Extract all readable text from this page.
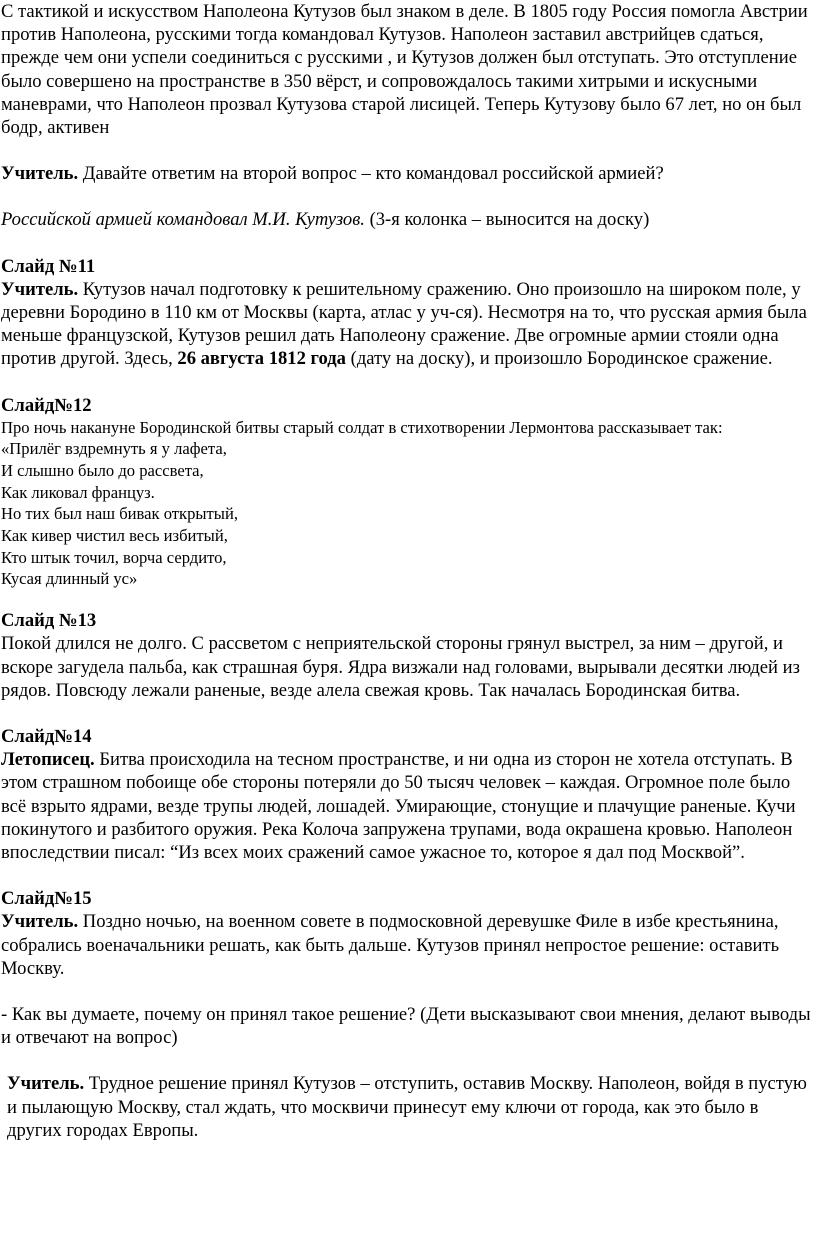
С тактикой и искусством Наполеона Кутузов был знаком в деле. В 1805 году Россия помогла Австрии против Наполеона, русскими тогда командовал Кутузов. Наполеон заставил австрийцев сдаться, прежде чем они успели соединиться с русскими , и Кутузов должен был отступать. Это отступление было совершено на пространстве в 350 вёрст, и сопровождалось такими хитрыми и искусными маневрами, что Наполеон прозвал Кутузова старой лисицей. Теперь Кутузову было 67 лет, но он был бодр, активен

Учитель. Давайте ответим на второй вопрос – кто командовал российской армией?

Российской армией командовал М.И. Кутузов. (3-я колонка – выносится на доску)

Слайд №11

Учитель. Кутузов начал подготовку к решительному сражению. Оно произошло на широком поле, у деревни Бородино в 110 км от Москвы (карта, атлас у уч-ся). Несмотря на то, что русская армия была меньше французской, Кутузов решил дать Наполеону сражение. Две огромные армии стояли одна против другой. Здесь, 26 августа 1812 года (дату на доску), и произошло Бородинское сражение.

Слайд№12

Про ночь накануне Бородинской битвы старый солдат в стихотворении Лермонтова рассказывает так:

«Прилёг вздремнуть я у лафета,

И слышно было до рассвета,

Как ликовал француз.

Но тих был наш бивак открытый,

Как кивер чистил весь избитый,

Кто штык точил, ворча сердито,

Кусая длинный ус»

Слайд №13

Покой длился не долго. С рассветом с неприятельской стороны грянул выстрел, за ним – другой, и вскоре загудела пальба, как страшная буря. Ядра визжали над головами, вырывали десятки людей из рядов. Повсюду лежали раненые, везде алела свежая кровь. Так началась Бородинская битва.

Слайд№14

Летописец. Битва происходила на тесном пространстве, и ни одна из сторон не хотела отступать. В этом страшном побоище обе стороны потеряли до 50 тысяч человек – каждая. Огромное поле было всё взрыто ядрами, везде трупы людей, лошадей. Умирающие, стонущие и плачущие раненые. Кучи покинутого и разбитого оружия. Река Колоча запружена трупами, вода окрашена кровью. Наполеон впоследствии писал: “Из всех моих сражений самое ужасное то, которое я дал под Москвой”.

Слайд№15

Учитель. Поздно ночью, на военном совете в подмосковной деревушке Филе в избе крестьянина, собрались военачальники решать, как быть дальше. Кутузов принял непростое решение: оставить Москву.

- Как вы думаете, почему он принял такое решение? (Дети высказывают свои мнения, делают выводы и отвечают на вопрос)

Учитель. Трудное решение принял Кутузов – отступить, оставив Москву. Наполеон, войдя в пустую и пылающую Москву, стал ждать, что москвичи принесут ему ключи от города, как это было в других городах Европы.
